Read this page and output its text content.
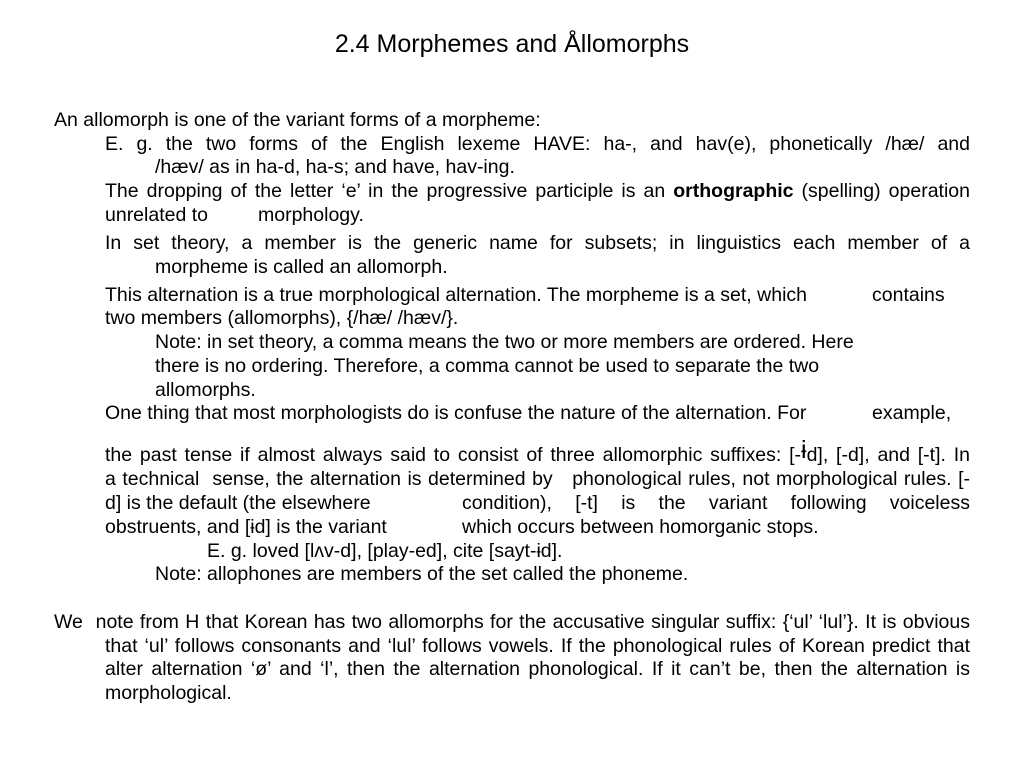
2.4 Morphemes and Ållomorphs
An allomorph is one of the variant forms of a morpheme:
E. g. the two forms of the English lexeme HAVE: ha-, and hav(e), phonetically /hæ/ and
/hæv/ as in ha-d, ha-s; and have, hav-ing.
The dropping of the letter ‘e’ in the progressive participle is an orthographic (spelling) operation
unrelated to	morphology.
In set theory, a member is the generic name for subsets; in linguistics each member of a
morpheme is called an allomorph.
This alternation is a true morphological alternation. The morpheme is a set, which	contains
two members (allomorphs), {/hæ/ /hæv/}.
Note: in set theory, a comma means the two or more members are ordered. Here
there is no ordering. Therefore, a comma cannot be used to separate the two
allomorphs.
One thing that most morphologists do is confuse the nature of the alternation. For	example,
the past tense if almost always said to consist of three allomorphic suffixes: [-ɨd], [-d], and [-t]. In
a technical  sense, the alternation is determined by   phonological rules, not morphological rules. [-
d] is the default (the elsewhere	condition), [-t] is the variant following voiceless
obstruents, and [ɨd] is the variant	which occurs between homorganic stops.
E. g. loved [lʌv-d], [play-ed], cite [sayt-ɨd].
Note: allophones are members of the set called the phoneme.
We  note from H that Korean has two allomorphs for the accusative singular suffix: {‘ul’ ‘lul’}. It is obvious
that ‘ul’ follows consonants and ‘lul’ follows vowels. If the phonological rules of Korean predict that
alter alternation ‘ø’ and ‘l’, then the alternation phonological. If it can’t be, then the alternation is
morphological.
